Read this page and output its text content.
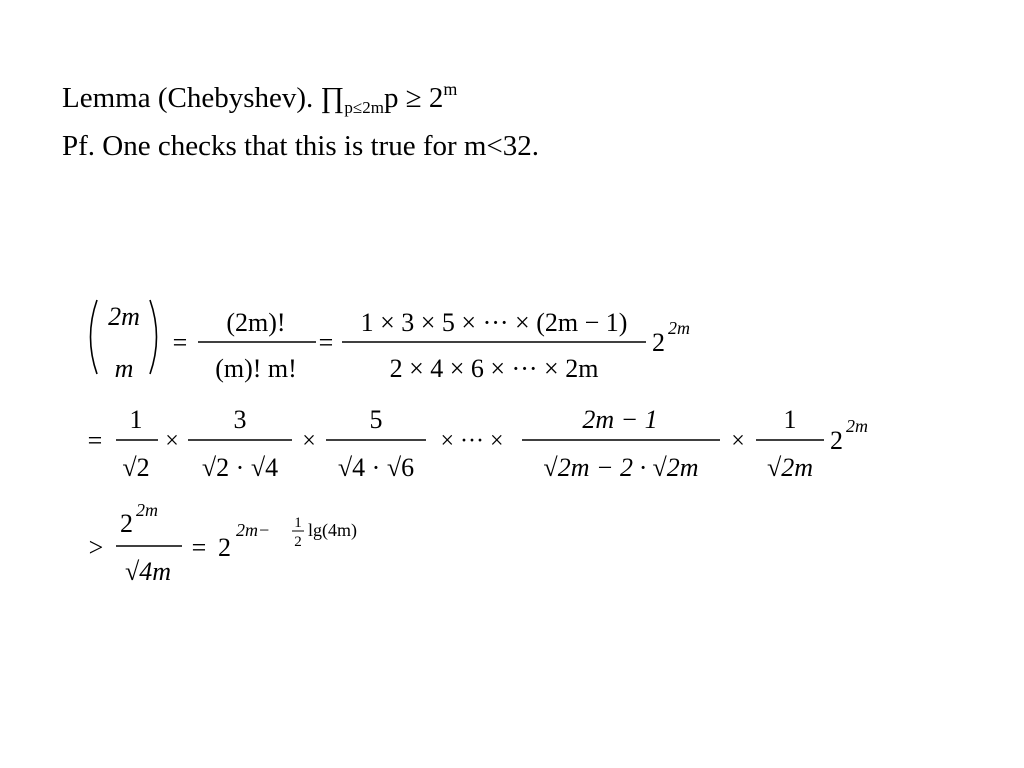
Lemma (Chebyshev). $\prod_{p\le 2m}p \ge 2^m$
Pf. One checks that this is true for m<32.
2m
m
=
(2m)!
(m)! m!
=
1 × 3 × 5 × ··· × (2m − 1)
2 × 4 × 6 × ··· × 2m
2 2m
=
1
√2
×
3
√2 · √4
×
5
√4 · √6
× ··· ×
2m − 1
√2m − 2 · √2m
×
1
√2m
2 2m
>
2 2m
√4m
= 2
2m− 1
2
lg(4m)
